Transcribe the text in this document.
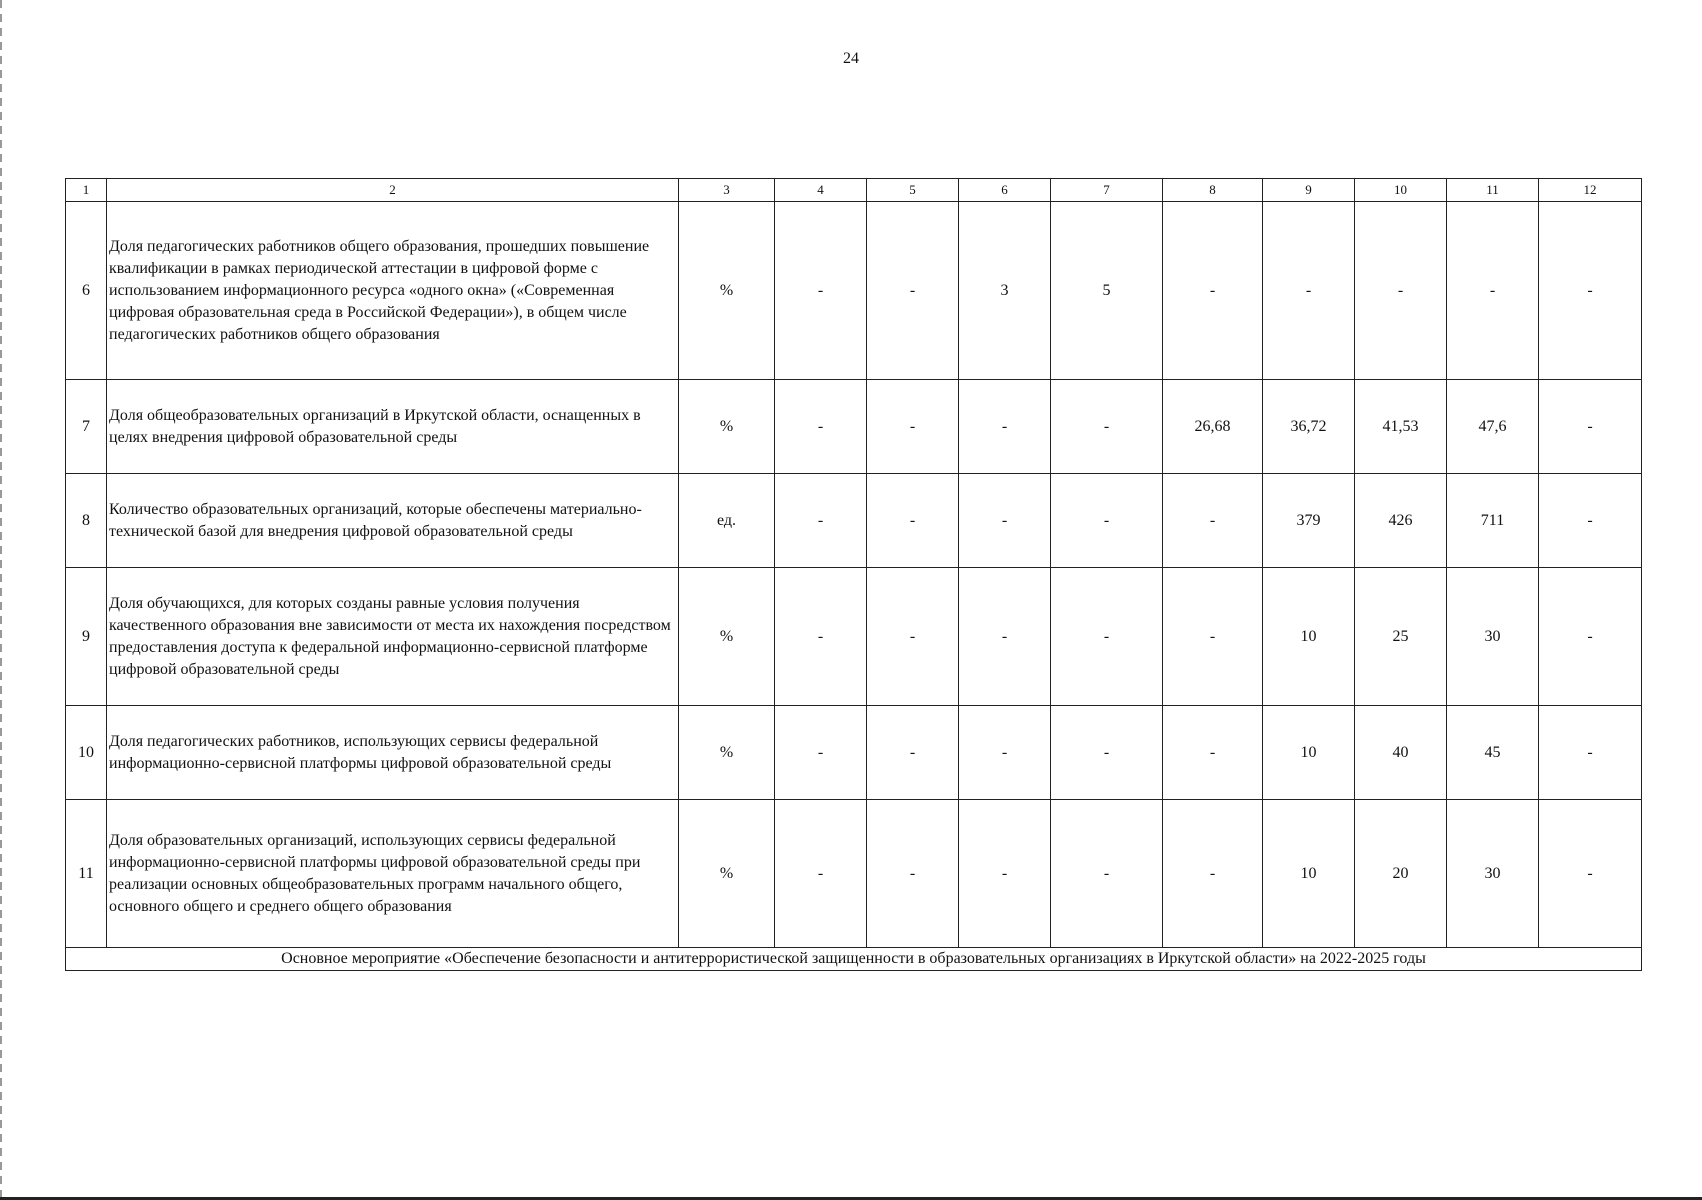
24
1	2	3	4	5	6	7	8	9	10	11	12
6	Доля педагогических работников общего образования, прошедших повышение квалификации в рамках периодической аттестации в цифровой форме с использованием информационного ресурса «одного окна» («Современная цифровая образовательная среда в Российской Федерации»), в общем числе педагогических работников общего образования	%	-	-	3	5	-	-	-	-	-
7	Доля общеобразовательных организаций в Иркутской области, оснащенных в целях внедрения цифровой образовательной среды	%	-	-	-	-	26,68	36,72	41,53	47,6	-
8	Количество образовательных организаций, которые обеспечены материально-технической базой для внедрения цифровой образовательной среды	ед.	-	-	-	-	-	379	426	711	-
9	Доля обучающихся, для которых созданы равные условия получения качественного образования вне зависимости от места их нахождения посредством предоставления доступа к федеральной информационно-сервисной платформе цифровой образовательной среды	%	-	-	-	-	-	10	25	30	-
10	Доля педагогических работников, использующих сервисы федеральной информационно-сервисной платформы цифровой образовательной среды	%	-	-	-	-	-	10	40	45	-
11	Доля образовательных организаций, использующих сервисы федеральной информационно-сервисной платформы цифровой образовательной среды при реализации основных общеобразовательных программ начального общего, основного общего и среднего общего образования	%	-	-	-	-	-	10	20	30	-
Основное мероприятие «Обеспечение безопасности и антитеррористической защищенности в образовательных организациях в Иркутской области» на 2022-2025 годы											
